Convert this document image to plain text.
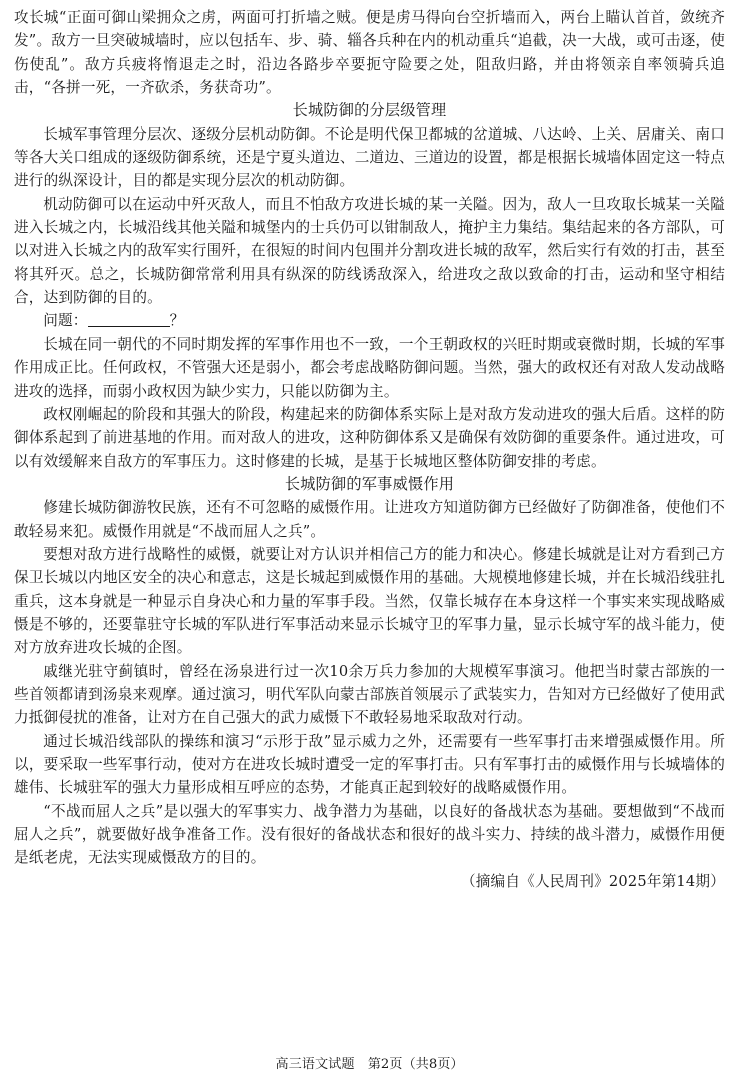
攻长城“正面可御山梁拥众之虏，两面可打折墙之贼。便是虏马得向台空折墙而入，两台上瞄认首首，敛统齐发”。敌方一旦突破城墙时，应以包括车、步、骑、辎各兵种在内的机动重兵“追截，决一大战，或可击逐，使伤使乱”。敌方兵疲将惰退走之时，沿边各路步卒要扼守险要之处，阻敌归路，并由将领亲自率领骑兵追击，“各拼一死，一齐砍杀，务获奇功”。

长城防御的分层级管理

长城军事管理分层次、逐级分层机动防御。不论是明代保卫都城的岔道城、八达岭、上关、居庸关、南口等各大关口组成的逐级防御系统，还是宁夏头道边、二道边、三道边的设置，都是根据长城墙体固定这一特点进行的纵深设计，目的都是实现分层次的机动防御。

机动防御可以在运动中歼灭敌人，而且不怕敌方攻进长城的某一关隘。因为，敌人一旦攻取长城某一关隘进入长城之内，长城沿线其他关隘和城堡内的士兵仍可以钳制敌人，掩护主力集结。集结起来的各方部队，可以对进入长城之内的敌军实行围歼，在很短的时间内包围并分割攻进长城的敌军，然后实行有效的打击，甚至将其歼灭。总之，长城防御常常利用具有纵深的防线诱敌深入，给进攻之敌以致命的打击，运动和坚守相结合，达到防御的目的。

问题：	？

长城在同一朝代的不同时期发挥的军事作用也不一致，一个王朝政权的兴旺时期或衰微时期，长城的军事作用成正比。任何政权，不管强大还是弱小，都会考虑战略防御问题。当然，强大的政权还有对敌人发动战略进攻的选择，而弱小政权因为缺少实力，只能以防御为主。

政权刚崛起的阶段和其强大的阶段，构建起来的防御体系实际上是对敌方发动进攻的强大后盾。这样的防御体系起到了前进基地的作用。而对敌人的进攻，这种防御体系又是确保有效防御的重要条件。通过进攻，可以有效缓解来自敌方的军事压力。这时修建的长城，是基于长城地区整体防御安排的考虑。

长城防御的军事威慑作用

修建长城防御游牧民族，还有不可忽略的威慑作用。让进攻方知道防御方已经做好了防御准备，使他们不敢轻易来犯。威慑作用就是“不战而屈人之兵”。

要想对敌方进行战略性的威慑，就要让对方认识并相信己方的能力和决心。修建长城就是让对方看到己方保卫长城以内地区安全的决心和意志，这是长城起到威慑作用的基础。大规模地修建长城，并在长城沿线驻扎重兵，这本身就是一种显示自身决心和力量的军事手段。当然，仅靠长城存在本身这样一个事实来实现战略威慑是不够的，还要靠驻守长城的军队进行军事活动来显示长城守卫的军事力量，显示长城守军的战斗能力，使对方放弃进攻长城的企图。

戚继光驻守蓟镇时，曾经在汤泉进行过一次10余万兵力参加的大规模军事演习。他把当时蒙古部族的一些首领都请到汤泉来观摩。通过演习，明代军队向蒙古部族首领展示了武装实力，告知对方已经做好了使用武力抵御侵扰的准备，让对方在自己强大的武力威慑下不敢轻易地采取敌对行动。

通过长城沿线部队的操练和演习“示形于敌”显示威力之外，还需要有一些军事打击来增强威慑作用。所以，要采取一些军事行动，使对方在进攻长城时遭受一定的军事打击。只有军事打击的威慑作用与长城墙体的雄伟、长城驻军的强大力量形成相互呼应的态势，才能真正起到较好的战略威慑作用。

“不战而屈人之兵”是以强大的军事实力、战争潜力为基础，以良好的备战状态为基础。要想做到“不战而屈人之兵”，就要做好战争准备工作。没有很好的备战状态和很好的战斗实力、持续的战斗潜力，威慑作用便是纸老虎，无法实现威慑敌方的目的。

（摘编自《人民周刊》2025年第14期）

高三语文试题　第2页（共8页）
